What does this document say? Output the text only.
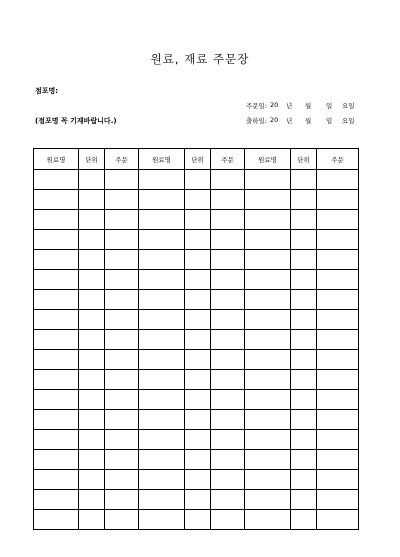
원료, 재료 주문장
점포명:
(점포명 꼭 기재바랍니다.)
주문일: 20 년 월 일 요일
출하일: 20 년 월 일 요일
원료명	단위	주문	원료명	단위	주문	원료명	단위	주문
